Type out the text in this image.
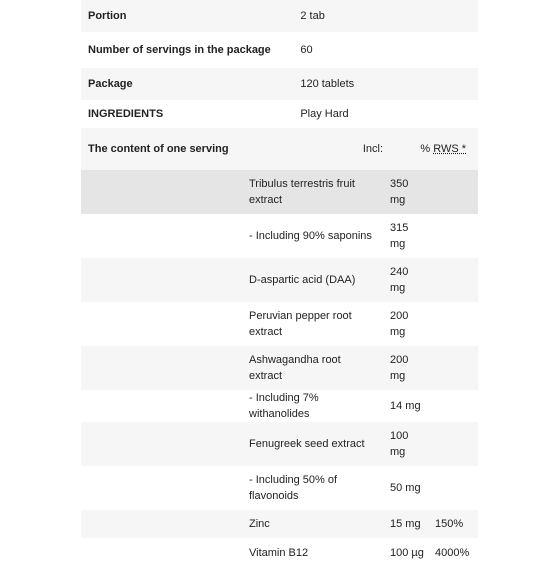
Portion	2 tab		
Number of servings in the package	60		
Package	120 tablets		
INGREDIENTS	Play Hard		
The content of one serving		Incl:	% RWS *
	Tribulus terrestris fruit extract	350 mg	
	- Including 90% saponins	315 mg	
	D-aspartic acid (DAA)	240 mg	
	Peruvian pepper root extract	200 mg	
	Ashwagandha root extract	200 mg	
	- Including 7% withanolides	14 mg	
	Fenugreek seed extract	100 mg	
	- Including 50% of flavonoids	50 mg	
	Zinc	15 mg	150%
	Vitamin B12	100 µg	4000%
